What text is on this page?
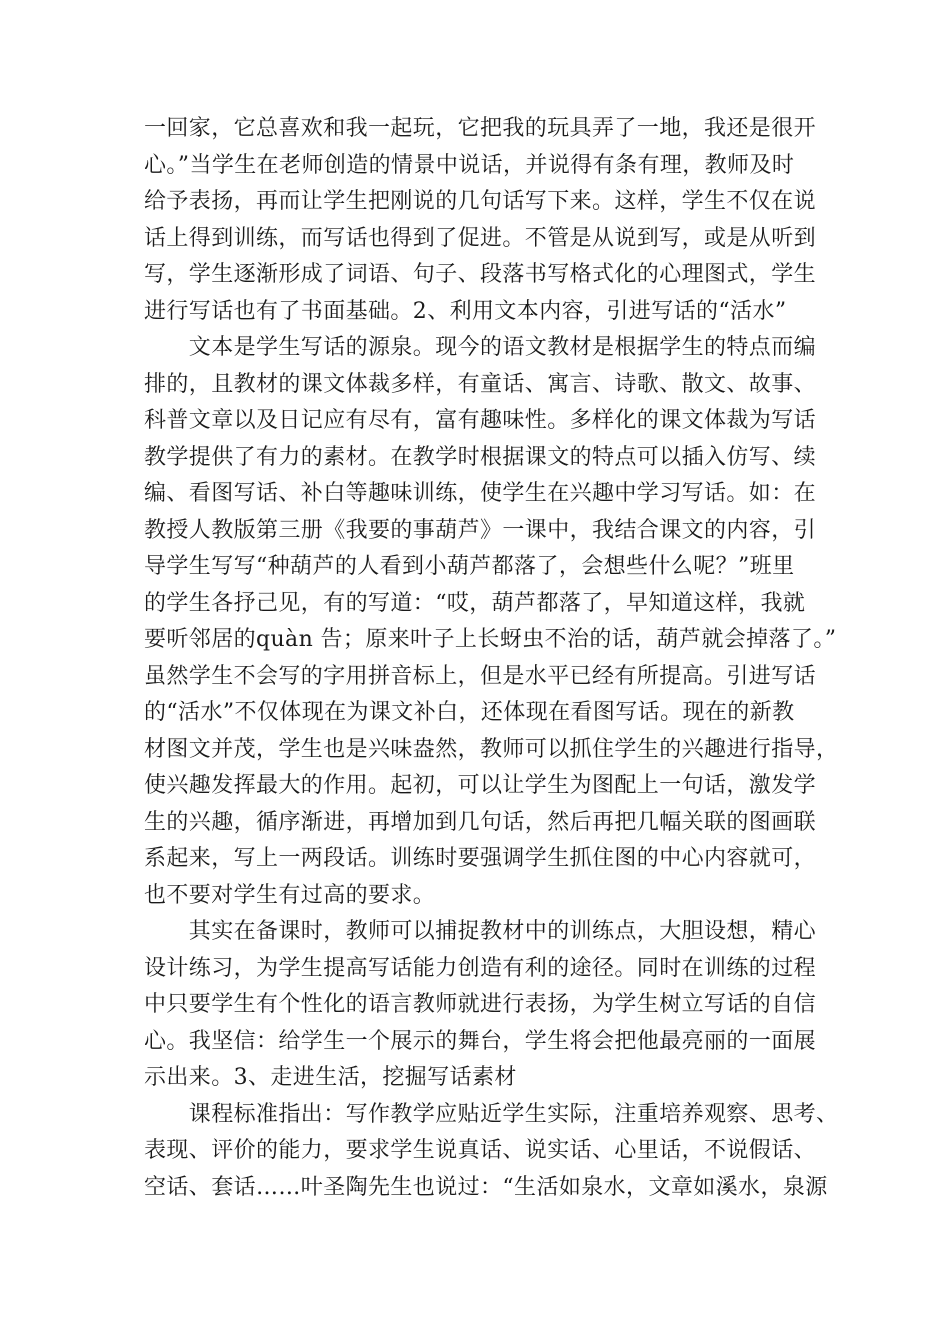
一回家，它总喜欢和我一起玩，它把我的玩具弄了一地，我还是很开
心。”当学生在老师创造的情景中说话，并说得有条有理，教师及时
给予表扬，再而让学生把刚说的几句话写下来。这样，学生不仅在说
话上得到训练，而写话也得到了促进。不管是从说到写，或是从听到
写，学生逐渐形成了词语、句子、段落书写格式化的心理图式，学生
进行写话也有了书面基础。2、利用文本内容，引进写话的“活水”
　　文本是学生写话的源泉。现今的语文教材是根据学生的特点而编
排的，且教材的课文体裁多样，有童话、寓言、诗歌、散文、故事、
科普文章以及日记应有尽有，富有趣味性。多样化的课文体裁为写话
教学提供了有力的素材。在教学时根据课文的特点可以插入仿写、续
编、看图写话、补白等趣味训练，使学生在兴趣中学习写话。如：在
教授人教版第三册《我要的事葫芦》一课中，我结合课文的内容，引
导学生写写“种葫芦的人看到小葫芦都落了，会想些什么呢？”班里
的学生各抒己见，有的写道：“哎，葫芦都落了，早知道这样，我就
要听邻居的quàn 告；原来叶子上长蚜虫不治的话，葫芦就会掉落了。”
虽然学生不会写的字用拼音标上，但是水平已经有所提高。引进写话
的“活水”不仅体现在为课文补白，还体现在看图写话。现在的新教
材图文并茂，学生也是兴味盎然，教师可以抓住学生的兴趣进行指导，
使兴趣发挥最大的作用。起初，可以让学生为图配上一句话，激发学
生的兴趣，循序渐进，再增加到几句话，然后再把几幅关联的图画联
系起来，写上一两段话。训练时要强调学生抓住图的中心内容就可，
也不要对学生有过高的要求。
　　其实在备课时，教师可以捕捉教材中的训练点，大胆设想，精心
设计练习，为学生提高写话能力创造有利的途径。同时在训练的过程
中只要学生有个性化的语言教师就进行表扬，为学生树立写话的自信
心。我坚信：给学生一个展示的舞台，学生将会把他最亮丽的一面展
示出来。3、走进生活，挖掘写话素材
　　课程标准指出：写作教学应贴近学生实际，注重培养观察、思考、
表现、评价的能力，要求学生说真话、说实话、心里话，不说假话、
空话、套话……叶圣陶先生也说过：“生活如泉水，文章如溪水，泉源
